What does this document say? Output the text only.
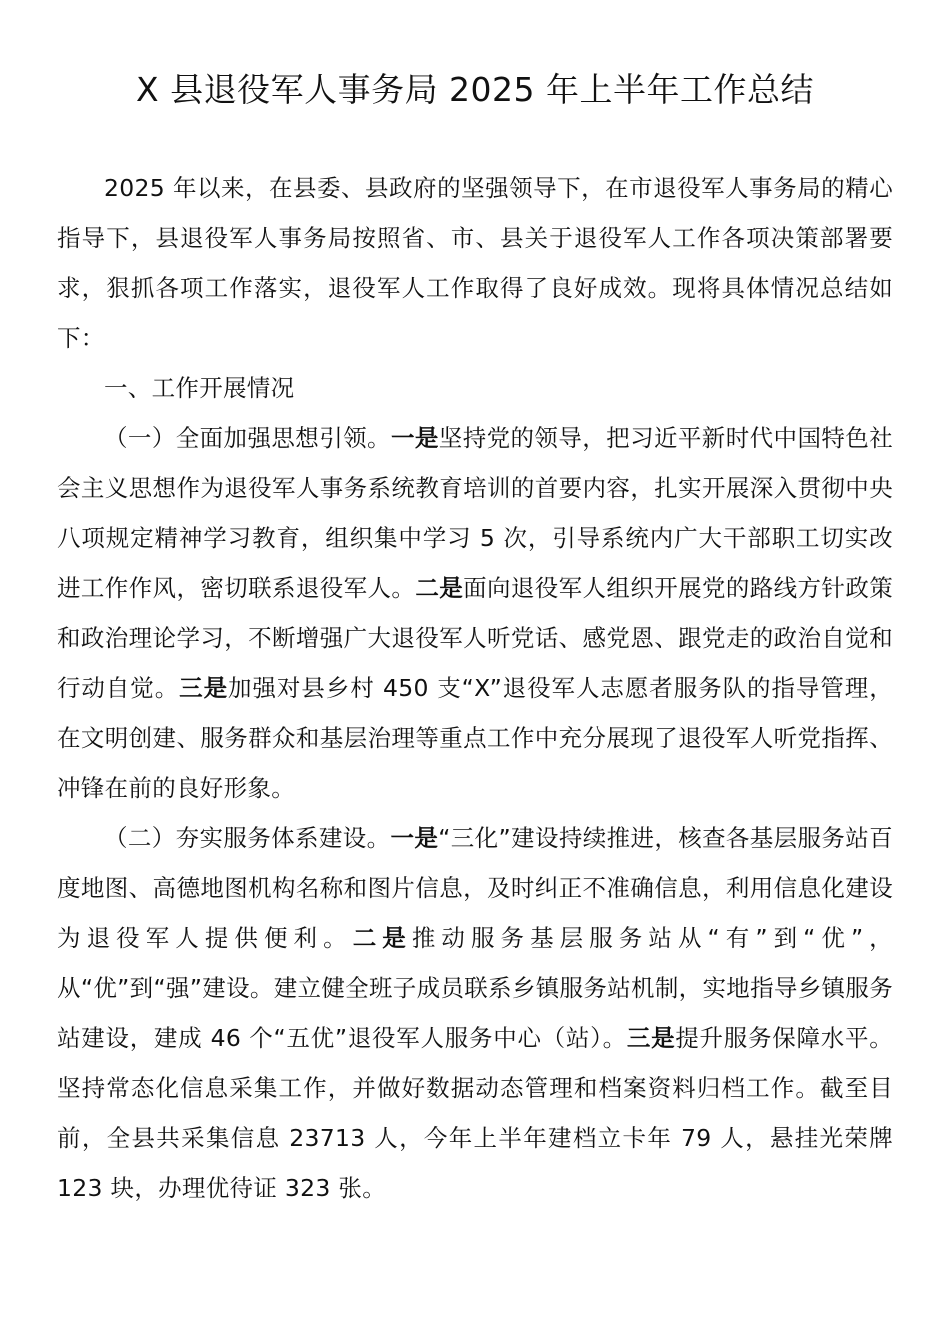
X 县退役军人事务局 2025 年上半年工作总结

2025 年以来，在县委、县政府的坚强领导下，在市退役军人事务局的精心指导下，县退役军人事务局按照省、市、县关于退役军人工作各项决策部署要求，狠抓各项工作落实，退役军人工作取得了良好成效。现将具体情况总结如下：

一、工作开展情况

（一）全面加强思想引领。一是坚持党的领导，把习近平新时代中国特色社会主义思想作为退役军人事务系统教育培训的首要内容，扎实开展深入贯彻中央八项规定精神学习教育，组织集中学习 5 次，引导系统内广大干部职工切实改进工作作风，密切联系退役军人。二是面向退役军人组织开展党的路线方针政策和政治理论学习，不断增强广大退役军人听党话、感党恩、跟党走的政治自觉和行动自觉。三是加强对县乡村 450 支“X”退役军人志愿者服务队的指导管理，在文明创建、服务群众和基层治理等重点工作中充分展现了退役军人听党指挥、冲锋在前的良好形象。

（二）夯实服务体系建设。一是“三化”建设持续推进，核查各基层服务站百度地图、高德地图机构名称和图片信息，及时纠正不准确信息，利用信息化建设为退役军人提供便利。二是推动服务基层服务站从“有”到“优”，从“优”到“强”建设。建立健全班子成员联系乡镇服务站机制，实地指导乡镇服务站建设，建成 46 个“五优”退役军人服务中心（站）。三是提升服务保障水平。坚持常态化信息采集工作，并做好数据动态管理和档案资料归档工作。截至目前，全县共采集信息 23713 人，今年上半年建档立卡年 79 人，悬挂光荣牌 123 块，办理优待证 323 张。
